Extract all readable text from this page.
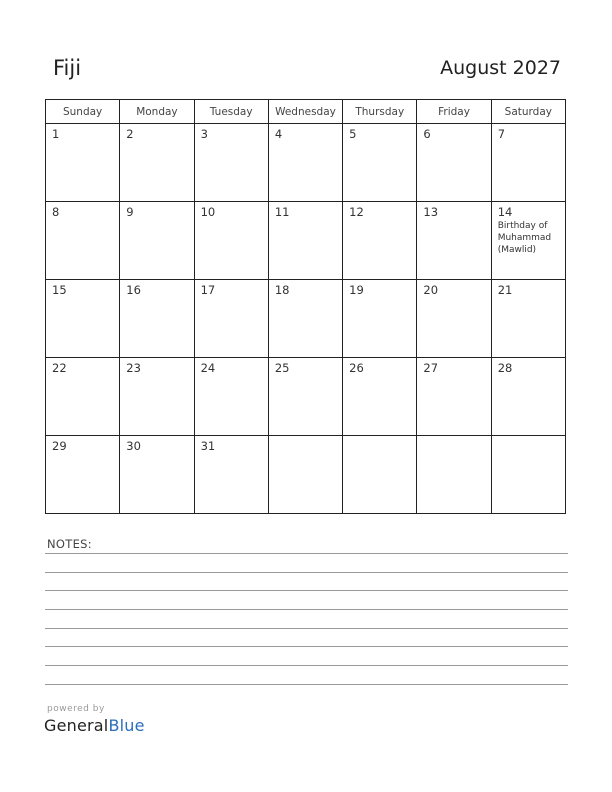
Fiji	August 2027
Sunday	Monday	Tuesday	Wednesday	Thursday	Friday	Saturday

1	2	3	4	5	6	7

8	9	10	11	12	13	14
Birthday of Muhammad (Mawlid)

15	16	17	18	19	20	21

22	23	24	25	26	27	28

29	30	31				

NOTES:
powered by
GeneralBlue
